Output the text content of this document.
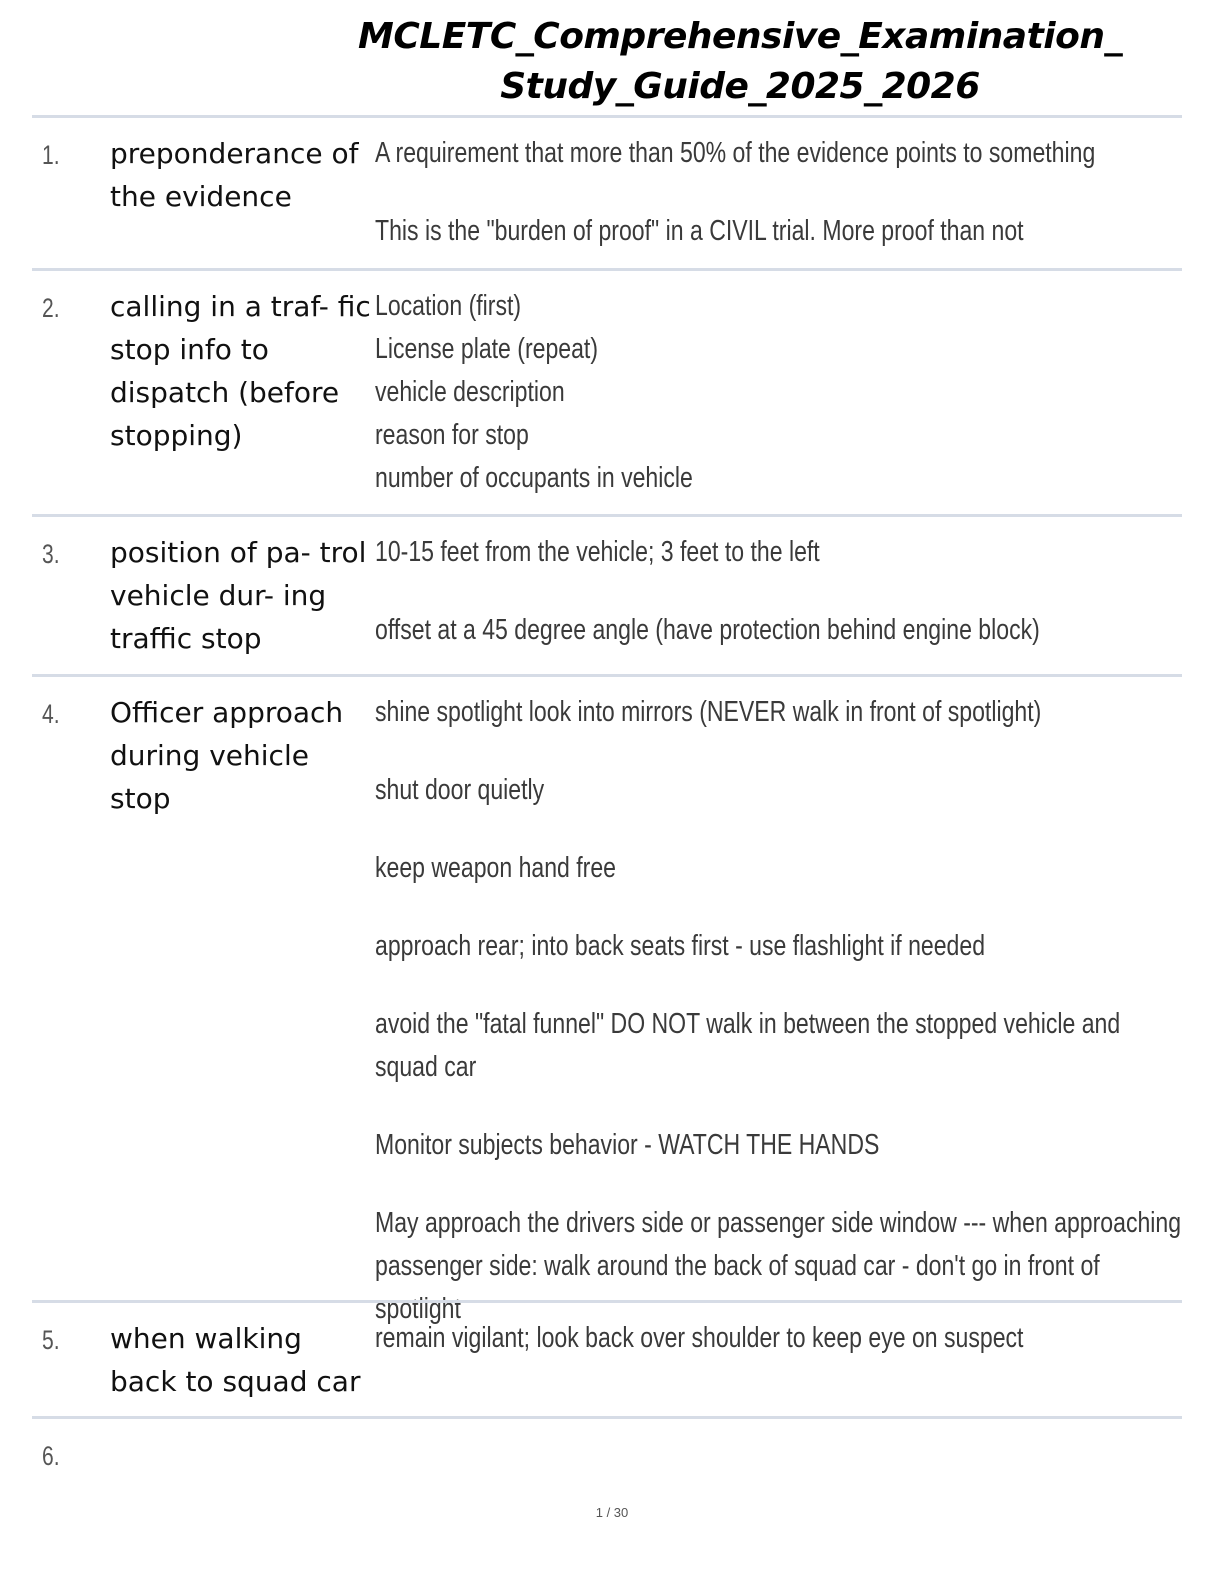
MCLETC_Comprehensive_Examination_
Study_Guide_2025_2026
1. preponderance of the evidence

A requirement that more than 50% of the evidence points to something

This is the "burden of proof" in a CIVIL trial. More proof than not

2. calling in a traf- fic stop info to dispatch (before stopping)

Location (first)

License plate (repeat)

vehicle description

reason for stop

number of occupants in vehicle

3. position of pa- trol vehicle dur- ing traffic stop

10-15 feet from the vehicle; 3 feet to the left

offset at a 45 degree angle (have protection behind engine block)

4. Officer approach during vehicle stop

shine spotlight look into mirrors (NEVER walk in front of spotlight)

shut door quietly

keep weapon hand free

approach rear; into back seats first - use flashlight if needed

avoid the "fatal funnel" DO NOT walk in between the stopped vehicle and squad car

Monitor subjects behavior - WATCH THE HANDS

May approach the drivers side or passenger side window --- when approaching passenger side: walk around the back of squad car - don't go in front of spotlight

5. when walking back to squad car

remain vigilant; look back over shoulder to keep eye on suspect

6.
1 / 30
